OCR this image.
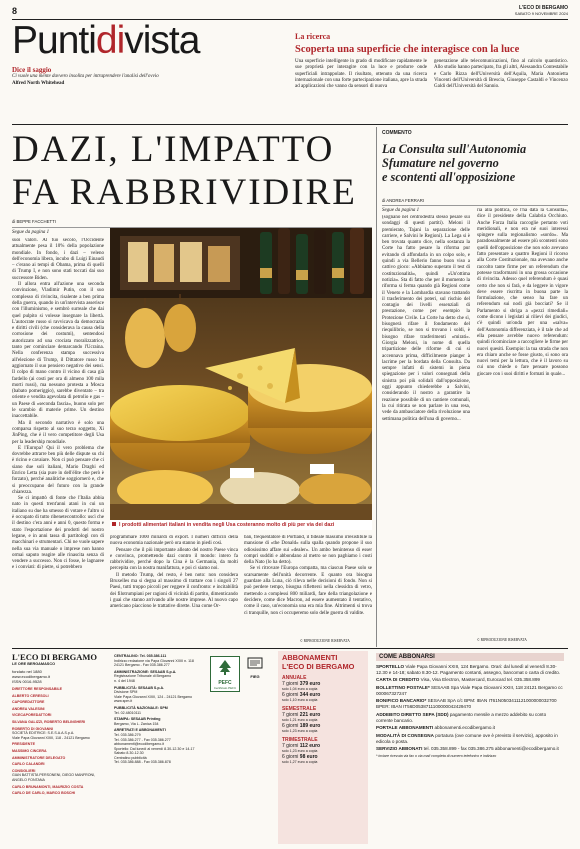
8	L'ECO DI BERGAMO
SABATO 9 NOVEMBRE 2024
Puntidivista	La ricerca
Scoperta una superficie che interagisce con la luce
Una superficie intelligente in grado di modificare rapidamente le sue proprietà per interagire con la luce e produrre onde superficiali intrappolate. Il risultato, ottenuto da una ricerca internazionale con una forte partecipazione italiana, apre la strada ad applicazioni che vanno da sensori di nuova
generazione alle telecomunicazioni, fino al calcolo quantistico. Allo studio hanno partecipato, fra gli altri, Alessandra Contestabile e Carlo Rizza dell'Università dell'Aquila, Maria Antonietta Vincenti dell'Università di Brescia, Giuseppe Castaldi e Vincenzo Galdi dell'Università del Sannio.
Dice il saggio
Ci vuole una mente davvero insolita per intraprendere l'analisi dell'ovvio
Alfred North Whitehead
DAZI, L'IMPATTO
FA RABBRIVIDIRE
COMMENTO
La Consulta sull'Autonomia
Sfumature nel governo
e scontenti all'opposizione
di ANDREA FERRARI
Segue da pagina 1
(sognano nel centrodestra stesso pesare sui sondaggi di questi partiti). Meloni il premierato, Tajani la separazione delle carriere, e Salvini le Regioni). La Lega si è ben trovata quanto dice, nella sostanza la Corte ha fatto pesare la riforma pur evitando di affondarla in un colpo solo, e quindi a via Bellerio fanno buon viso a cattivo gioco: «Abbiamo superato il test di costituzionalità», quindi «Un'ottima notizia». Sta di fatto che per il momento la riforma si ferma quando già Regioni come il Veneto e la Lombardia stavano trattando il trasferimento dei poteri, sul rischio del contagio dei livelli essenziali di prestazione, come per esempio la Protezione Civile. La Corte ha detto che sì, bisognerà rifare il fondamento del riequilibrio, se non si trovano i soldi, è bisogno rifare trasferimenti «mirati». Giorgia Meloni, in nome di quella tripartizione delle riforme di cui si accennava prima, difficilmente pianger à lacrime per la bordata della Consulta. Da sempre infatti di sistemi in piena spiegazione per i valori consegnati della sinistra poi più solidali dall'opposizione, oggi appunto chiederebbe a Salvini, considerando il nostro a garantire la reazione possibile di un cantiere comunali, la cui ritirata se non parlare in una resa, vede da ambasciatore della rivoluzione una settimana politica dell'una di governo...
ria alla politica, ce l'ha data la Consulta», dice il presidente della Calabria Occhiuto. Anche Forza Italia raccoglie pertanto voti meridionali, e non era né suoi interessi spingere sulla regionalismo «sordo». Ma paradossalmente ad essere più scontenti sono quelli dell'opposizione che non solo avevano fatto presentare a quattro Regioni il ricorso alla Corte Costituzionale, ma avevano anche raccolto tante firme per un referendum che potesse trasformarsi in una grossa occasione di rivincita. Adesso quel referendum è quasi certo che non si farà, e da leggere in vigore deve essere riscritta in buona parte la formulazione, che senso ha fare un referendum sui nodi già bocciati? Se il Parlamento si sbriga a «pezzi rimediali» come dicono i legislati ai rilievi dei giudici, c'è quindi un'onda per una «salva» dell'Autonomia differenziata, è il tale che ad ella pensare avrebbe nuovo referendum: quindi ricominciare a raccogliere le firme per nuovi quesiti. Esempio: la tua strada che non era chiaro anche se fosse giusto, si sono ora nuovi temi per la lettura, che è il lavoro su cui uno chiede o fare pensare possono giocare con i suoi diritti e formati in quale...
© RIPRODUZIONE RISERVATA
di BEPPE FACCHETTI
Segue da pagina 1

suoi valori. Al tuo secolo, l'Occidente attualmente pesa il 10% della popolazione mondiale. In fondo, i dazi – veleno dell'economia libera, incubo di Luigi Einaudi – c'erano ai tempi di Obama, prima di quelli di Trump I, e non sono stati toccati dai suo successore Biden.

Il allora entra all'azione una seconda convinzione, Vladimir Putin, con il suo complesso di rivincita, risalente a ben prima della guerra, quando in un'intervista asserisce con l'illuminismo, e sembrò surreale che dai quel pulpito si volesse insegnare la libertà. L'autocrate russo si ravvicava da democrazia e diritti civili (che considerava la causa della corrosione dei costumi), sentendosi autorizzato ad una crociata moralizzatrice, tanto per cominciare demarcando l'Ucraina. Nella conferenza stampa successiva all'elezione di Trump, il Dittatore russo ha aggiornato il suo pensiero negativo dei sensi. Il colpo di mano contro il vicino di casa già fardello (ai costi per ora di almeno 100 mila morti russi), ma nessuno protesta a Mosca (babato pomeriggio), sarebbe diventato – tra oriente e vendita agevolata di petrolio e gas – un Paese di «seconda fascia», buono solo per le scambio di materie prime. Un destino inaccettabile.

Ma il secondo narrativo è solo una comparsa rispetto al suo terzo soggetto, Xi JinPing, che è il vero competitore degli Usa per la leadership mondiale.

E l'Europa? Qui il vero problema che dovrebbe attrarre ben più delle dispute su chi è ricino e cavaiare. Non ci può pensare che ci siano due soli italiani, Mario Draghi ed Enrico Letta (sia pure in dell'élite che però è forzato), perché analitiche soggiornerò e, che si preoccupano del futuro con la grande chiarezza.

Se ci impattò di fonte che l'Italia abbia nato in questi trent'anni atani in cui un italiano su due ha smesso di votare e l'altro si è occupato di tutto ribenetecontrollo: uscì che il destino c'era anni e anni 0, questo forma e stato l'esportazione dei prodotti del nostro legane, e in anni tassa di partitologi con di macchinari e strumentari. Chi ne vuole sapere nella sua via manuale o imprese non hanno ormai saputo reagire alle rinascita senza di vendere a successo. Non ci fosse, le lagnaree e i conviati: di pietre, si potrebbero

I prodotti alimentari italiani in vendita negli Usa costeranno molto di più per via dei dazi

programmare 1000 miliardi di export. I numeri difficili della nuova economia nazionale però ora stanno in piedi così.

Pensare che il più importante alleato del nostro Paese vinca e convinca, promettendo dazi contro il mondo: intero fa rabbrividire, perché dopo la Cina è la Germania, da molti percepita con la nostra manifattura, e poi ci siamo noi.

Il metodo Trump, del resto, è ben noto: non considera Bruxelles ma si degna al massimo di trattare con i singoli 27 Paesi, tutti troppo piccoli per reggere il confronto: e incitabilità dei filotrumpiani per ragioni di vicinità di partito, dimenticando i guai che stanno arrivando alle nostre imprese. Al nuovo capo americano piacciono le trattative dirette. Una come Or-

ban, frequentatore di Portland, il fideale massimo irresistibile la mansione di «the Donald» sulla spalla quando propone il suo odiosissimo affare sui «dealer». Un ambo benintenso di esser compri sudditi e abbondano al metro se non paghiamo i costi della Nato (lo ha detto).

Se vi ritrovare l'Europa compatta, ma ciascun Paese solo se scarsamente dell'unità decorrente. E quanto ora bisogna guardare alla Luna, ciò rileva nelle decisioni di fondo. Non si può perdere tempo, bisogna riflettersi nella clessidra di vetro, mettendo a complessi 800 miliardi, fare della triangolazione e decidere, come dice Macron, ad essere aumentato il tentativo, come il caso, un'economia una era mia fine. Altrimenti si trova ci tranquille, non ci occuperemo solo delle guerra di valdite.

© RIPRODUZIONE RISERVATA
L'ECO DI BERGAMO
LE ORE BERGAMASCO
fondato nel 1880
www.ecodibergamo.it
ISSN 0016-9528
DIRETTORE RESPONSABILE
ALBERTO CERESOLI
CAPOREDATTORE
ANDREA VALESINI
VICECAPOREDATTORI
SILVANA GALIZZI, ROBERTO BELINGHERI
ROBERTO DI GIOVANNI
SOCIETÀ EDITRICE: S.E.S.A.A.S.p.A.
Viale Papa Giovanni XXIII, 118 - 24121 Bergamo
PRESIDENTE
MASSIMO CINCERA
AMMINISTRATORE DELEGATO
CARLO CALANDRI
CONSIGLIERI
GIAN BATTISTA PERSONENI, DIEGO MANFRONI, ANGELO FONTANA
CARLO BRUNAMONTI, MAURIZIO COSTA
CARLO DE CARLO, MARCO BOSCHI
CENTRALINO: Tel. 035.386.111
Indirizzo redazione via Papa Giovanni XXIII n. 118
24121 Bergamo - Fax 035.386.277
AMMINISTRAZIONE: SESAAB S.p.A.
Registrazione Tribunale di Bergamo
n. 4 del 1948
PUBBLICITÀ: SESAAB S.p.A.
Divisione SPM
Viale Papa Giovanni XXIII, 124 - 24121 Bergamo
www.spm.it
PUBBLICITÀ NAZIONALE: SPM
Tel. 02.48010111
STAMPA: SESAAB Printing
Bergamo, Via L. Zanica 154
ARRETRATI E ABBONAMENTI
Tel. 035.386.279
Tel. 035.386.277 - Fax 035.386.277
abbonamenti@ecodibergamo.it
Sportello: Dal lunedì al venerdì 8.30-12.30 e 14-17
Sabato 8.30-12.30
Centralino pubblicità
Tel. 035.386.888 - Fax 035.386.878
PEFC
Certificato PEFC
FIEG
ABBONAMENTI
L'ECO DI BERGAMO
ANNUALE
7 giorni 379 euro
solo 1,04 euro a copia
6 giorni 344 euro
solo 1,10 euro a copia
SEMESTRALE
7 giorni 221 euro
solo 1,21 euro a copia
6 giorni 189 euro
solo 1,23 euro a copia
TRIMESTRALE
7 giorni 112 euro
solo 1,23 euro a copia
6 giorni 98 euro
solo 1,27 euro a copia
COME ABBONARSI
SPORTELLO Viale Papa Giovanni XXIII, 124 Bergamo. Orari: dal lunedì al venerdì 8.30-12.30 e 14-18; sabato 8.30-12. Pagamento contanti, assegno, bancomat o carta di credito.
CARTA DI CREDITO Visa, Visa Electron, Mastercard, Eurocard tel. 035.358.899
BOLLETTINO POSTALE* SESAAB Spa Viale Papa Giovanni XXIII, 118 24121 Bergamo cc 000067327247
BONIFICO BANCARIO* SESAAB SpA c/c BPM: IBAN IT61N0503411121000000032700 BPER: IBAN IT56D0538711100000042429470
ADDEBITO DIRETTO SEPA (SDD) pagamento mensile a mezzo addebito su conto corrente bancario.
PORTALE ABBONAMENTI abbonamenti.ecodibergamo.it
MODALITÀ DI CONSEGNA portatura (ove comune ove è previsto il servizio), apposito in edicola o posta.
SERVIZIO ABBONATI tel. 035.358.899 - fax 035.386.275 abbonamenti@ecodibergamo.it
* inviare ricevuta via fax o via mail completa di numero telefonico e indirizzo
